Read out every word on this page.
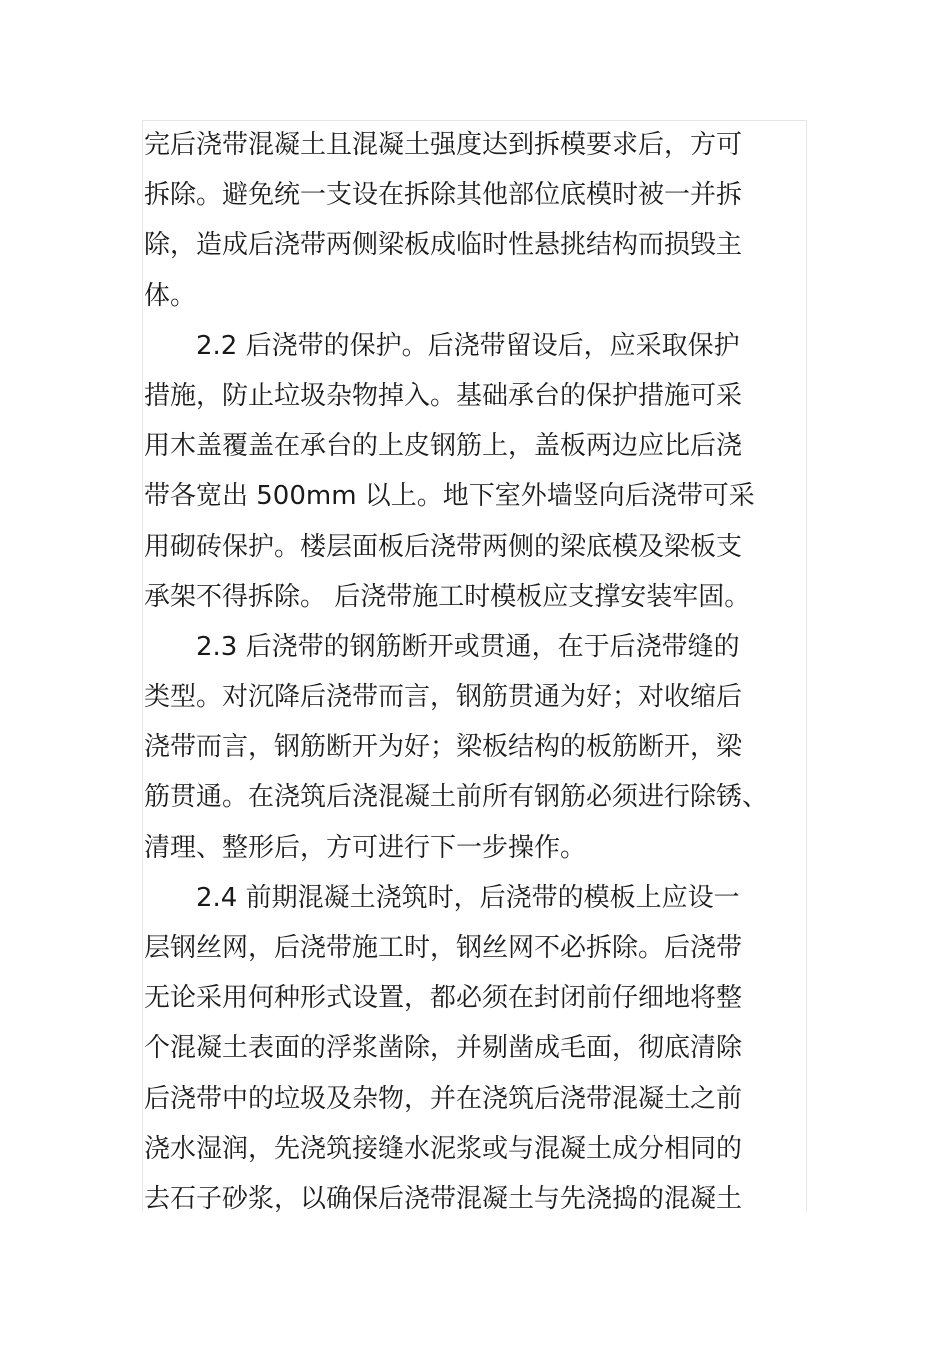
完后浇带混凝土且混凝土强度达到拆模要求后，方可
拆除。避免统一支设在拆除其他部位底模时被一并拆
除，造成后浇带两侧梁板成临时性悬挑结构而损毁主
体。
　　2.2 后浇带的保护。后浇带留设后，应采取保护
措施，防止垃圾杂物掉入。基础承台的保护措施可采
用木盖覆盖在承台的上皮钢筋上，盖板两边应比后浇
带各宽出 500mm 以上。地下室外墙竖向后浇带可采
用砌砖保护。楼层面板后浇带两侧的梁底模及梁板支
承架不得拆除。 后浇带施工时模板应支撑安装牢固。
　　2.3 后浇带的钢筋断开或贯通，在于后浇带缝的
类型。对沉降后浇带而言，钢筋贯通为好；对收缩后
浇带而言，钢筋断开为好；梁板结构的板筋断开，梁
筋贯通。在浇筑后浇混凝土前所有钢筋必须进行除锈、
清理、整形后，方可进行下一步操作。
　　2.4 前期混凝土浇筑时，后浇带的模板上应设一
层钢丝网，后浇带施工时，钢丝网不必拆除。后浇带
无论采用何种形式设置，都必须在封闭前仔细地将整
个混凝土表面的浮浆凿除，并剔凿成毛面，彻底清除
后浇带中的垃圾及杂物，并在浇筑后浇带混凝土之前
浇水湿润，先浇筑接缝水泥浆或与混凝土成分相同的
去石子砂浆，以确保后浇带混凝土与先浇捣的混凝土
